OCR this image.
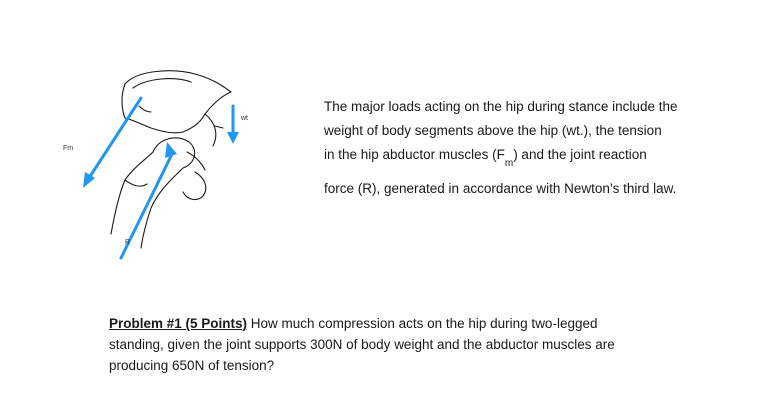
Fm
wt
R

The major loads acting on the hip during stance include the

weight of body segments above the hip (wt.), the tension

in the hip abductor muscles $(F_m)$ and the joint reaction

force (R), generated in accordance with Newton’s third law.

Problem #1 (5 Points) How much compression acts on the hip during two-legged

standing, given the joint supports 300N of body weight and the abductor muscles are

producing 650N of tension?
